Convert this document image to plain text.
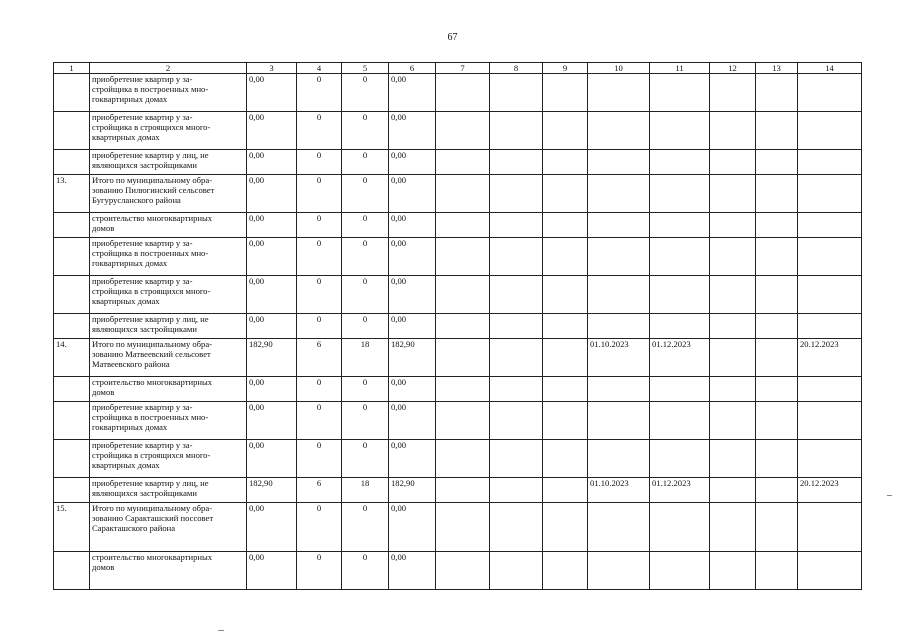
67
1	2	3	4	5	6	7	8	9	10	11	12	13	14
	приобретение квартир у за-
стройщика в построенных мно-
гоквартирных домах	0,00	0	0	0,00								
	приобретение квартир у за-
стройщика в строящихся много-
квартирных домах	0,00	0	0	0,00								
	приобретение квартир у лиц, не
являющихся застройщиками	0,00	0	0	0,00								
13.	Итого по муниципальному обра-
зованию Пилюгинский сельсовет
Бугурусланского района	0,00	0	0	0,00								
	строительство многоквартирных
домов	0,00	0	0	0,00								
	приобретение квартир у за-
стройщика в построенных мно-
гоквартирных домах	0,00	0	0	0,00								
	приобретение квартир у за-
стройщика в строящихся много-
квартирных домах	0,00	0	0	0,00								
	приобретение квартир у лиц, не
являющихся застройщиками	0,00	0	0	0,00								
14.	Итого по муниципальному обра-
зованию Матвеевский сельсовет
Матвеевского района	182,90	6	18	182,90				01.10.2023	01.12.2023			20.12.2023
	строительство многоквартирных
домов	0,00	0	0	0,00								
	приобретение квартир у за-
стройщика в построенных мно-
гоквартирных домах	0,00	0	0	0,00								
	приобретение квартир у за-
стройщика в строящихся много-
квартирных домах	0,00	0	0	0,00								
	приобретение квартир у лиц, не
являющихся застройщиками	182,90	6	18	182,90				01.10.2023	01.12.2023			20.12.2023
15.	Итого по муниципальному обра-
зованию Саракташский поссовет
Саракташского района	0,00	0	0	0,00								
	строительство многоквартирных
домов	0,00	0	0	0,00								
